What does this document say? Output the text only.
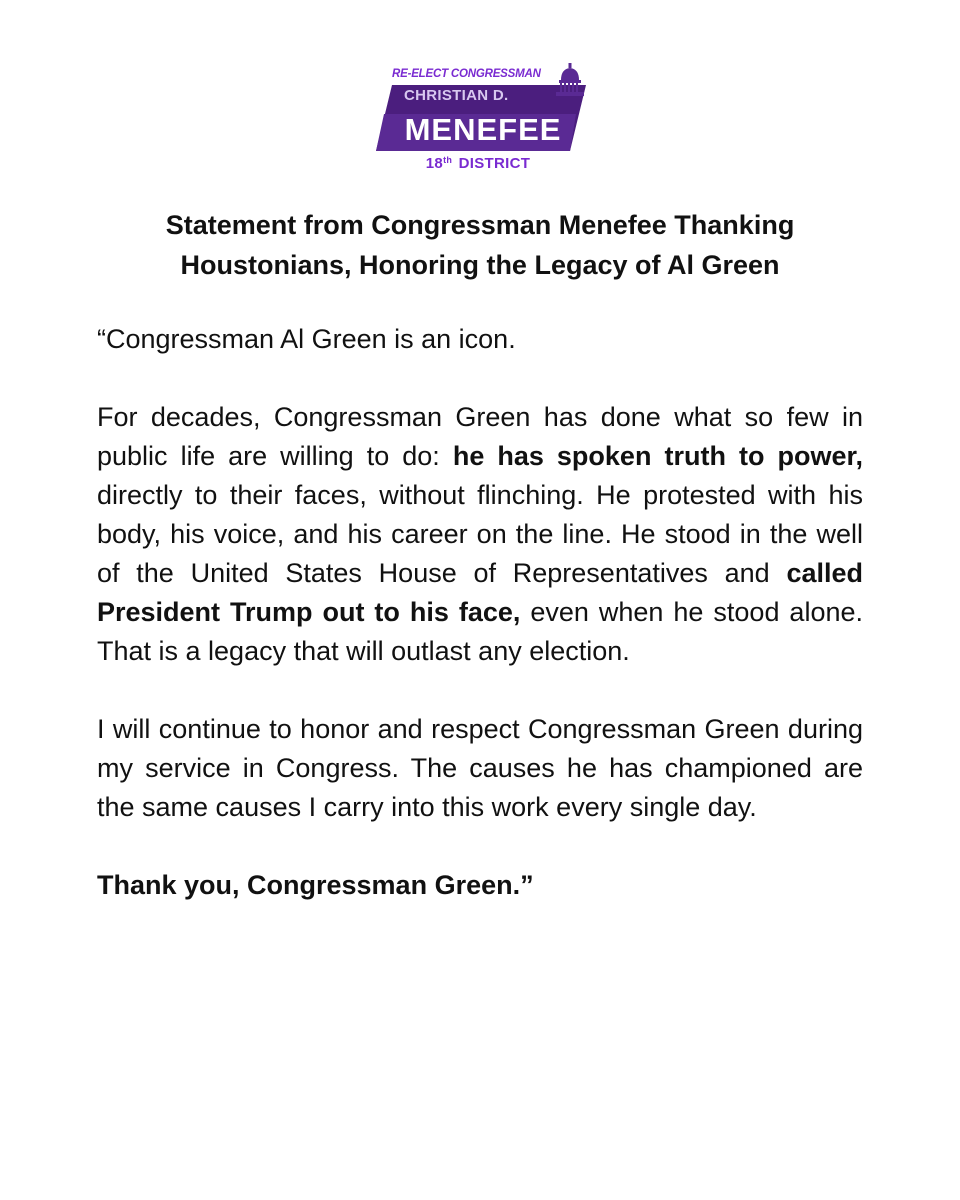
RE-ELECT CONGRESSMAN
CHRISTIAN D.
MENEFEE
18th DISTRICT
Statement from Congressman Menefee Thanking
Houstonians, Honoring the Legacy of Al Green

“Congressman Al Green is an icon.

For decades, Congressman Green has done what so few in public life are willing to do: he has spoken truth to power, directly to their faces, without flinching. He protested with his body, his voice, and his career on the line. He stood in the well of the United States House of Representatives and called President Trump out to his face, even when he stood alone. That is a legacy that will outlast any election.

I will continue to honor and respect Congressman Green during my service in Congress. The causes he has championed are the same causes I carry into this work every single day.

Thank you, Congressman Green.”
